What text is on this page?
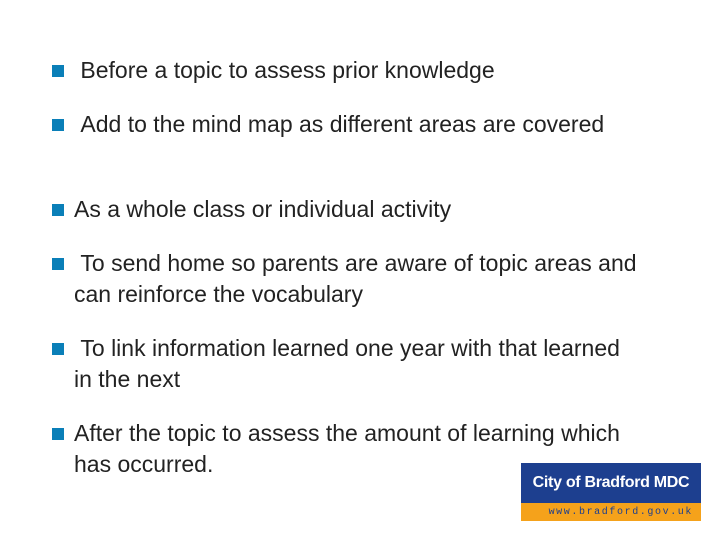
Before a topic to assess prior knowledge
Add to the mind map as different areas are covered
As a whole class or individual activity
To send home so parents are aware of topic areas and can reinforce the vocabulary
To link information learned one year with that learned in the next
After the topic to assess the amount of learning which has occurred.
City of Bradford MDC
www.bradford.gov.uk
